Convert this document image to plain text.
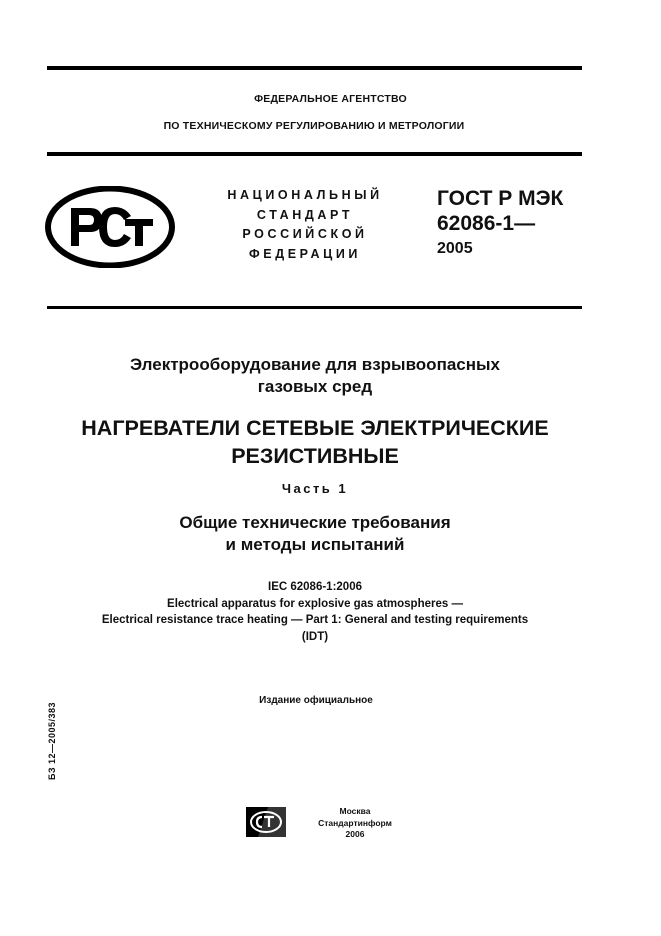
ФЕДЕРАЛЬНОЕ АГЕНТСТВО
ПО ТЕХНИЧЕСКОМУ РЕГУЛИРОВАНИЮ И МЕТРОЛОГИИ
НАЦИОНАЛЬНЫЙ
СТАНДАРТ
РОССИЙСКОЙ
ФЕДЕРАЦИИ
ГОСТ Р МЭК
62086-1—
2005
Электрооборудование для взрывоопасных
газовых сред
НАГРЕВАТЕЛИ СЕТЕВЫЕ ЭЛЕКТРИЧЕСКИЕ
РЕЗИСТИВНЫЕ
Часть 1
Общие технические требования
и методы испытаний
IEC 62086-1:2006
Electrical apparatus for explosive gas atmospheres —
Electrical resistance trace heating — Part 1: General and testing requirements
(IDT)
Издание официальное
БЗ 12—2005/383
Москва
Стандартинформ
2006
